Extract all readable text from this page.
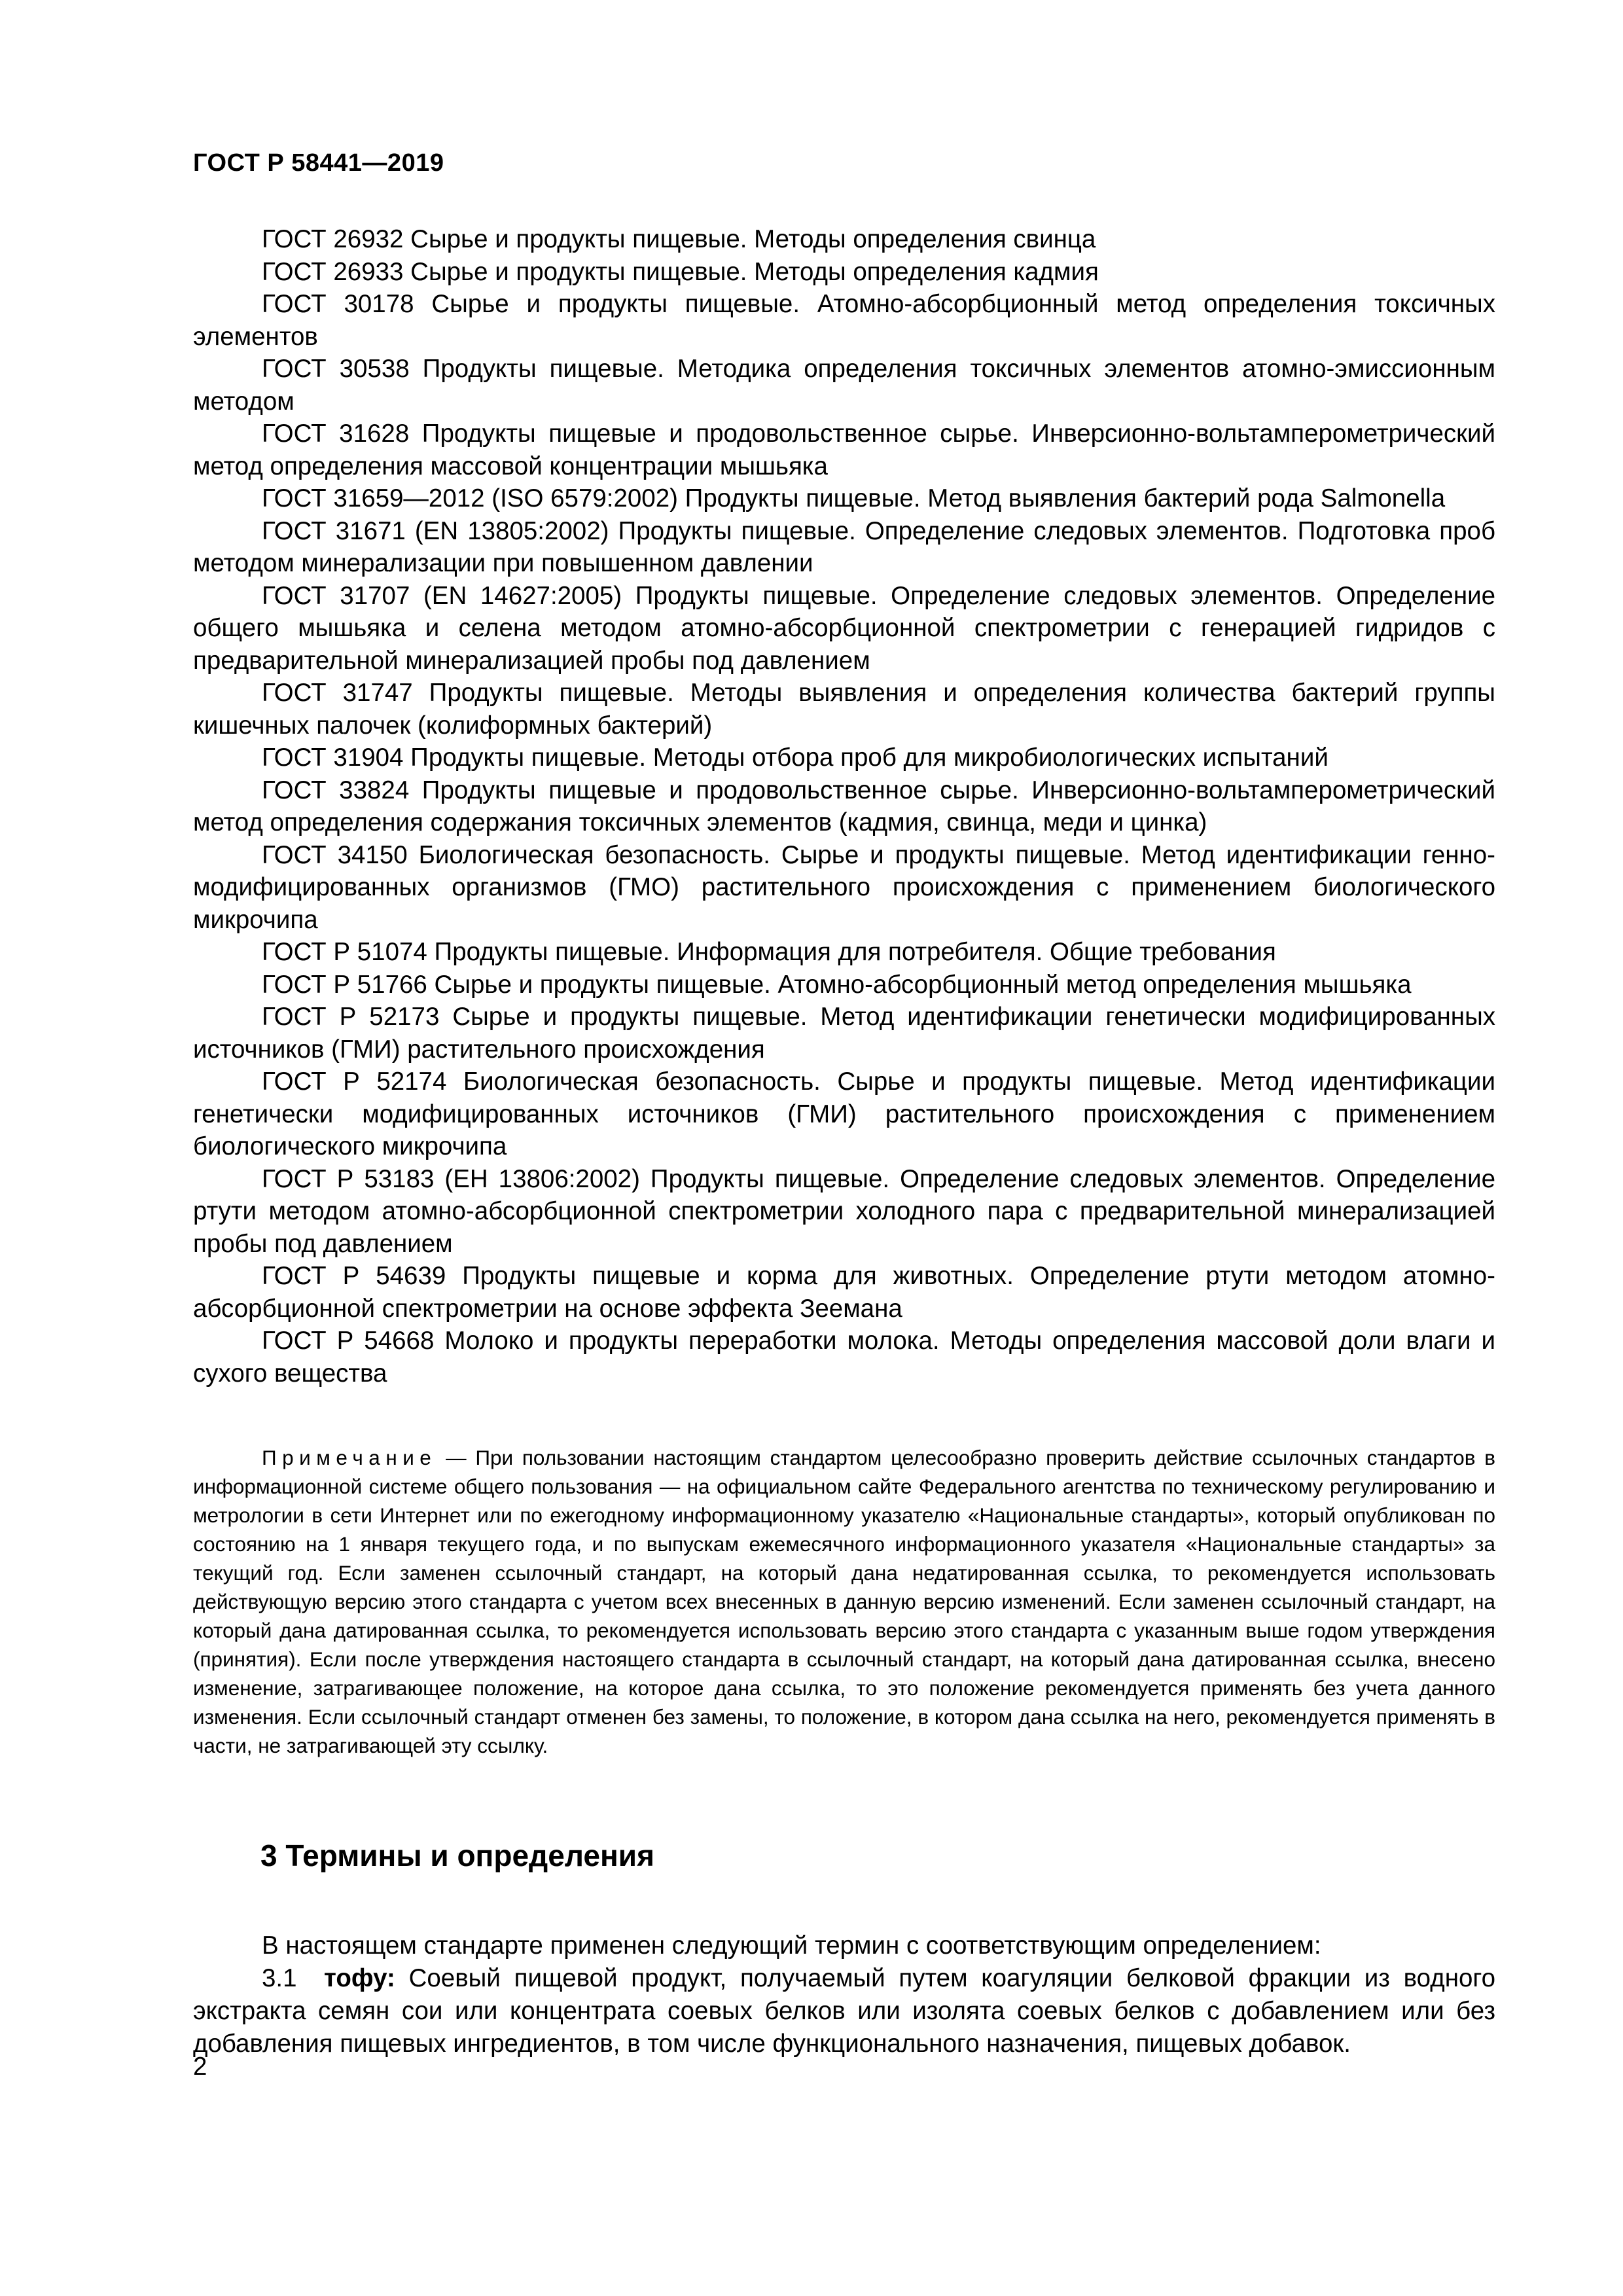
ГОСТ Р 58441—2019

ГОСТ 26932 Сырье и продукты пищевые. Методы определения свинца

ГОСТ 26933 Сырье и продукты пищевые. Методы определения кадмия

ГОСТ 30178 Сырье и продукты пищевые. Атомно-абсорбционный метод определения токсичных элементов

ГОСТ 30538 Продукты пищевые. Методика определения токсичных элементов атомно-эмиссионным методом

ГОСТ 31628 Продукты пищевые и продовольственное сырье. Инверсионно-вольтамперометрический метод определения массовой концентрации мышьяка

ГОСТ 31659—2012 (ISO 6579:2002) Продукты пищевые. Метод выявления бактерий рода Salmonella

ГОСТ 31671 (EN 13805:2002) Продукты пищевые. Определение следовых элементов. Подготовка проб методом минерализации при повышенном давлении

ГОСТ 31707 (EN 14627:2005) Продукты пищевые. Определение следовых элементов. Определение общего мышьяка и селена методом атомно-абсорбционной спектрометрии с генерацией гидридов с предварительной минерализацией пробы под давлением

ГОСТ 31747 Продукты пищевые. Методы выявления и определения количества бактерий группы кишечных палочек (колиформных бактерий)

ГОСТ 31904 Продукты пищевые. Методы отбора проб для микробиологических испытаний

ГОСТ 33824 Продукты пищевые и продовольственное сырье. Инверсионно-вольтамперометрический метод определения содержания токсичных элементов (кадмия, свинца, меди и цинка)

ГОСТ 34150 Биологическая безопасность. Сырье и продукты пищевые. Метод идентификации генно-модифицированных организмов (ГМО) растительного происхождения с применением биологического микрочипа

ГОСТ Р 51074 Продукты пищевые. Информация для потребителя. Общие требования

ГОСТ Р 51766 Сырье и продукты пищевые. Атомно-абсорбционный метод определения мышьяка

ГОСТ Р 52173 Сырье и продукты пищевые. Метод идентификации генетически модифицированных источников (ГМИ) растительного происхождения

ГОСТ Р 52174 Биологическая безопасность. Сырье и продукты пищевые. Метод идентификации генетически модифицированных источников (ГМИ) растительного происхождения с применением биологического микрочипа

ГОСТ Р 53183 (ЕН 13806:2002) Продукты пищевые. Определение следовых элементов. Определение ртути методом атомно-абсорбционной спектрометрии холодного пара с предварительной минерализацией пробы под давлением

ГОСТ Р 54639 Продукты пищевые и корма для животных. Определение ртути методом атомно-абсорбционной спектрометрии на основе эффекта Зеемана

ГОСТ Р 54668 Молоко и продукты переработки молока. Методы определения массовой доли влаги и сухого вещества

Примечание — При пользовании настоящим стандартом целесообразно проверить действие ссылочных стандартов в информационной системе общего пользования — на официальном сайте Федерального агентства по техническому регулированию и метрологии в сети Интернет или по ежегодному информационному указателю «Национальные стандарты», который опубликован по состоянию на 1 января текущего года, и по выпускам ежемесячного информационного указателя «Национальные стандарты» за текущий год. Если заменен ссылочный стандарт, на который дана недатированная ссылка, то рекомендуется использовать действующую версию этого стандарта с учетом всех внесенных в данную версию изменений. Если заменен ссылочный стандарт, на который дана датированная ссылка, то рекомендуется использовать версию этого стандарта с указанным выше годом утверждения (принятия). Если после утверждения настоящего стандарта в ссылочный стандарт, на который дана датированная ссылка, внесено изменение, затрагивающее положение, на которое дана ссылка, то это положение рекомендуется применять без учета данного изменения. Если ссылочный стандарт отменен без замены, то положение, в котором дана ссылка на него, рекомендуется применять в части, не затрагивающей эту ссылку.

3 Термины и определения

В настоящем стандарте применен следующий термин с соответствующим определением:

3.1 тофу: Соевый пищевой продукт, получаемый путем коагуляции белковой фракции из водного экстракта семян сои или концентрата соевых белков или изолята соевых белков с добавлением или без добавления пищевых ингредиентов, в том числе функционального назначения, пищевых добавок.

2
